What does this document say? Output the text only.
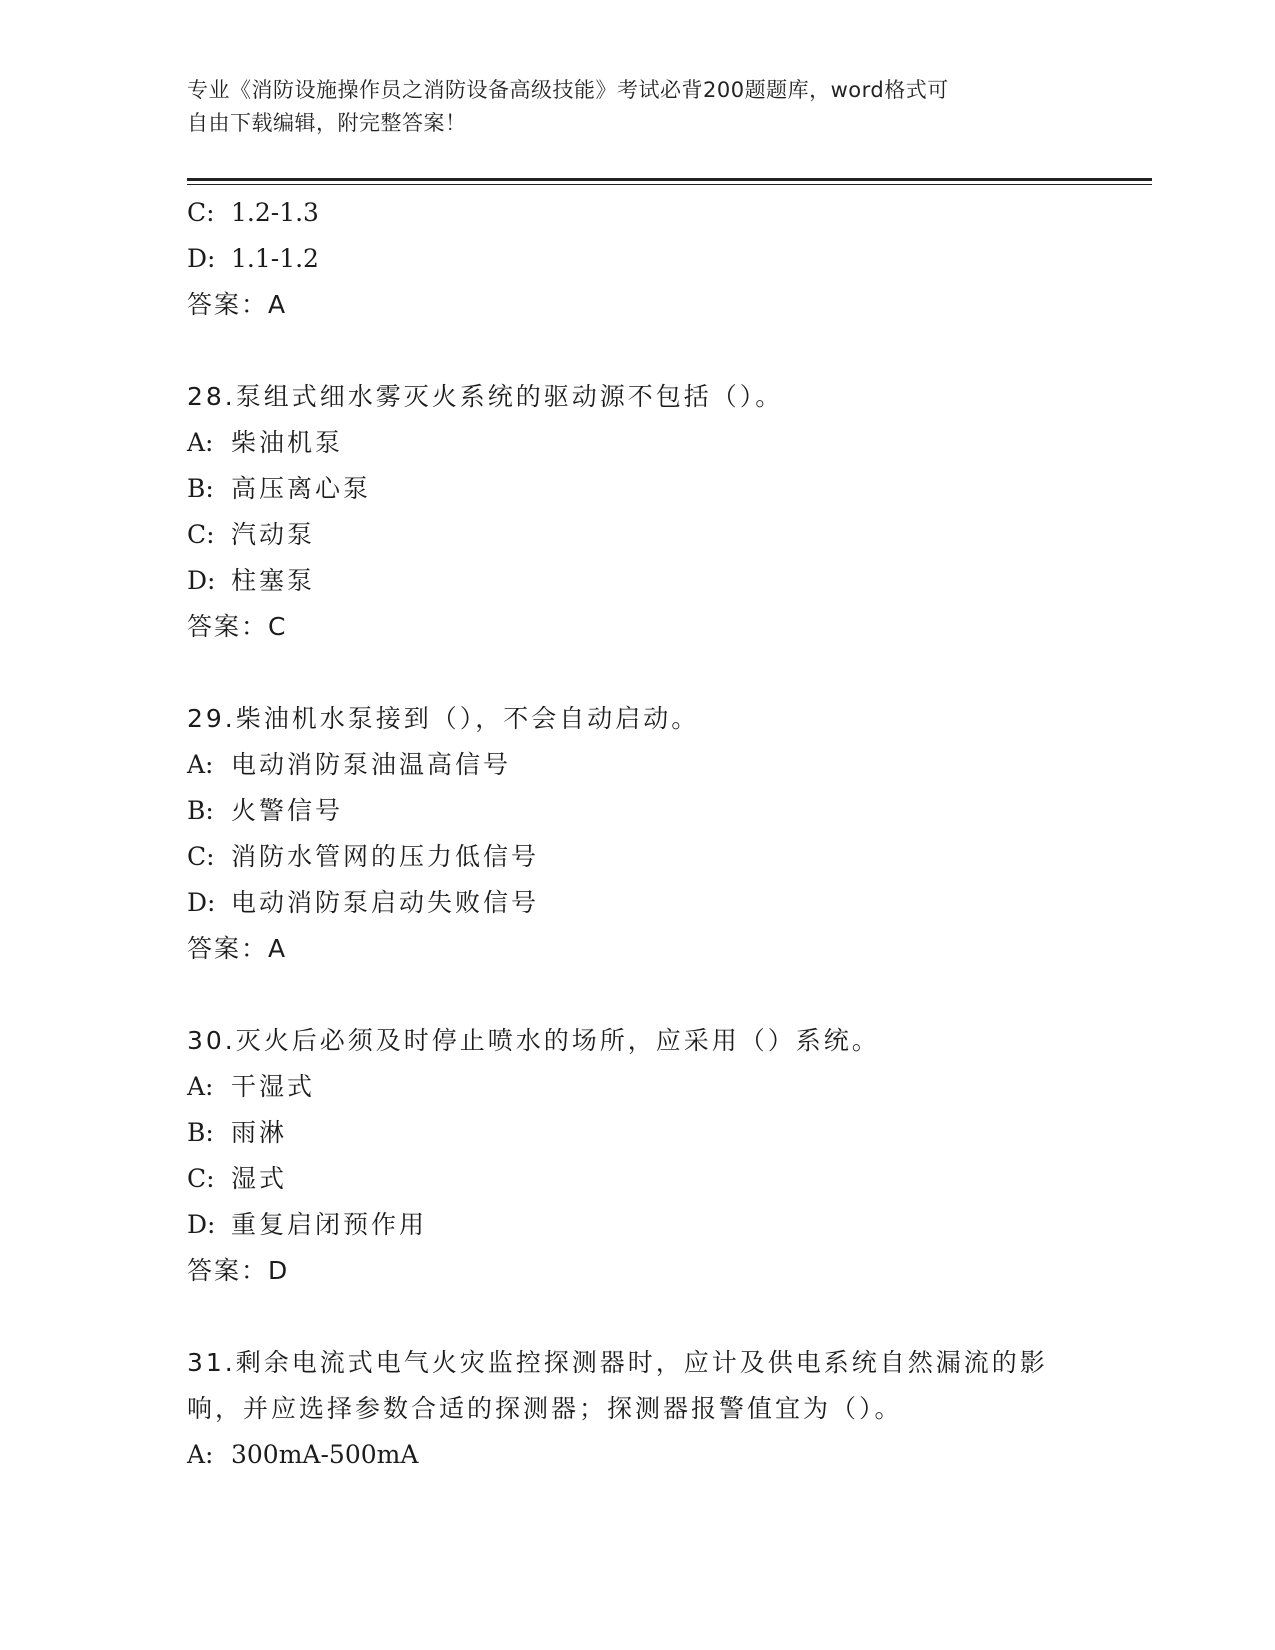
专业《消防设施操作员之消防设备高级技能》考试必背200题题库，word格式可
自由下载编辑，附完整答案！
C: 1.2-1.3
D: 1.1-1.2
答案：A
28.泵组式细水雾灭火系统的驱动源不包括（）。
A: 柴油机泵
B: 高压离心泵
C: 汽动泵
D: 柱塞泵
答案：C
29.柴油机水泵接到（），不会自动启动。
A: 电动消防泵油温高信号
B: 火警信号
C: 消防水管网的压力低信号
D: 电动消防泵启动失败信号
答案：A
30.灭火后必须及时停止喷水的场所，应采用（）系统。
A: 干湿式
B: 雨淋
C: 湿式
D: 重复启闭预作用
答案：D
31.剩余电流式电气火灾监控探测器时，应计及供电系统自然漏流的影
响，并应选择参数合适的探测器；探测器报警值宜为（）。
A: 300mA-500mA
